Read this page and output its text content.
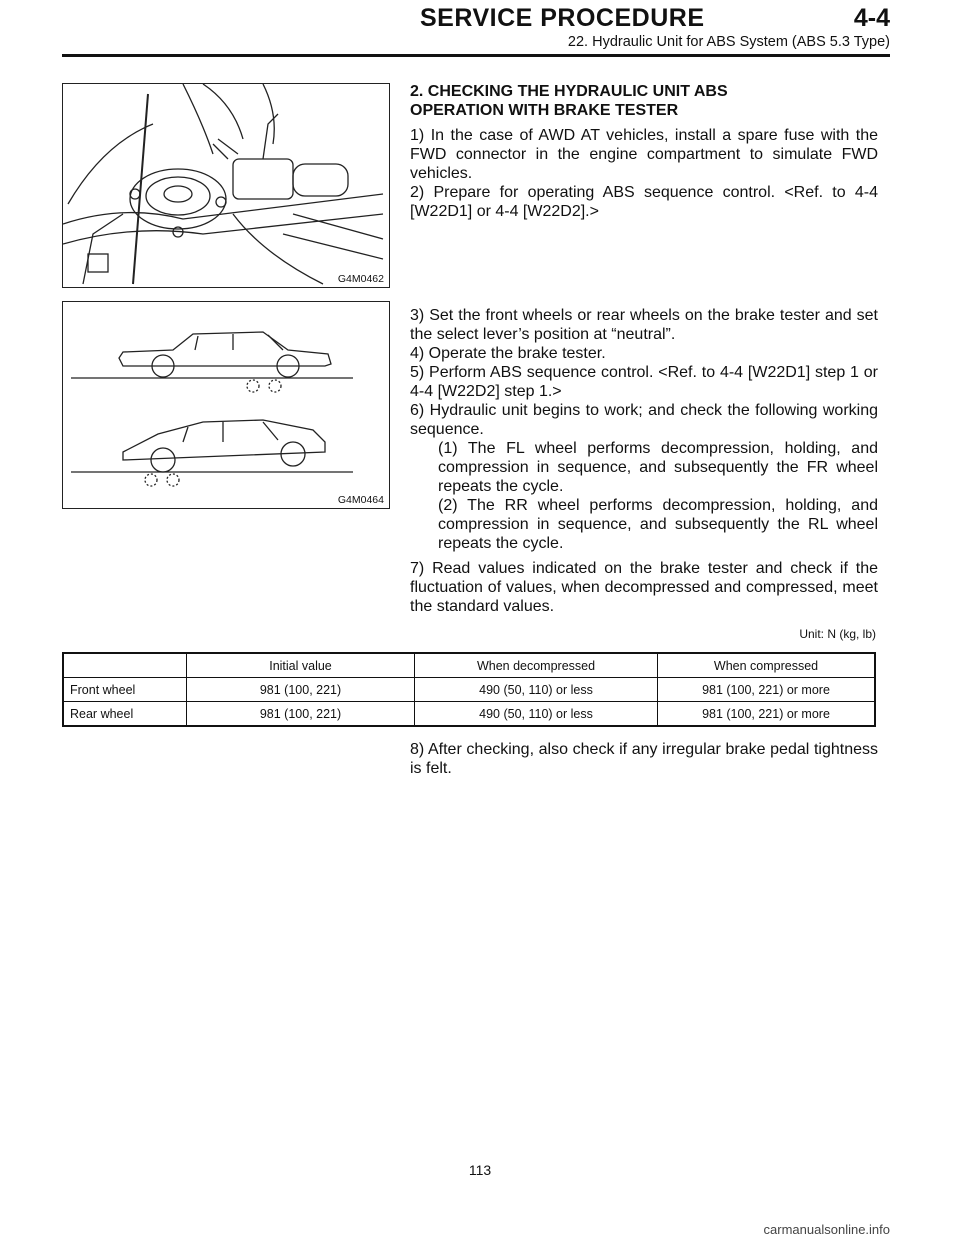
SERVICE PROCEDURE	4-4
22. Hydraulic Unit for ABS System (ABS 5.3 Type)
G4M0462
G4M0464

2. CHECKING THE HYDRAULIC UNIT ABS OPERATION WITH BRAKE TESTER

1) In the case of AWD AT vehicles, install a spare fuse with the FWD connector in the engine compartment to simulate FWD vehicles.

2) Prepare for operating ABS sequence control. <Ref. to 4-4 [W22D1] or 4-4 [W22D2].>

3) Set the front wheels or rear wheels on the brake tester and set the select lever’s position at “neutral”.

4) Operate the brake tester.

5) Perform ABS sequence control. <Ref. to 4-4 [W22D1] step 1 or 4-4 [W22D2] step 1.>

6) Hydraulic unit begins to work; and check the following working sequence.

(1) The FL wheel performs decompression, holding, and compression in sequence, and subsequently the FR wheel repeats the cycle.

(2) The RR wheel performs decompression, holding, and compression in sequence, and subsequently the RL wheel repeats the cycle.

7) Read values indicated on the brake tester and check if the fluctuation of values, when decompressed and compressed, meet the standard values.

Unit: N (kg, lb)
	Initial value	When decompressed	When compressed
Front wheel	981 (100, 221)	490 (50, 110) or less	981 (100, 221) or more
Rear wheel	981 (100, 221)	490 (50, 110) or less	981 (100, 221) or more

8) After checking, also check if any irregular brake pedal tightness is felt.

113
carmanualsonline.info
